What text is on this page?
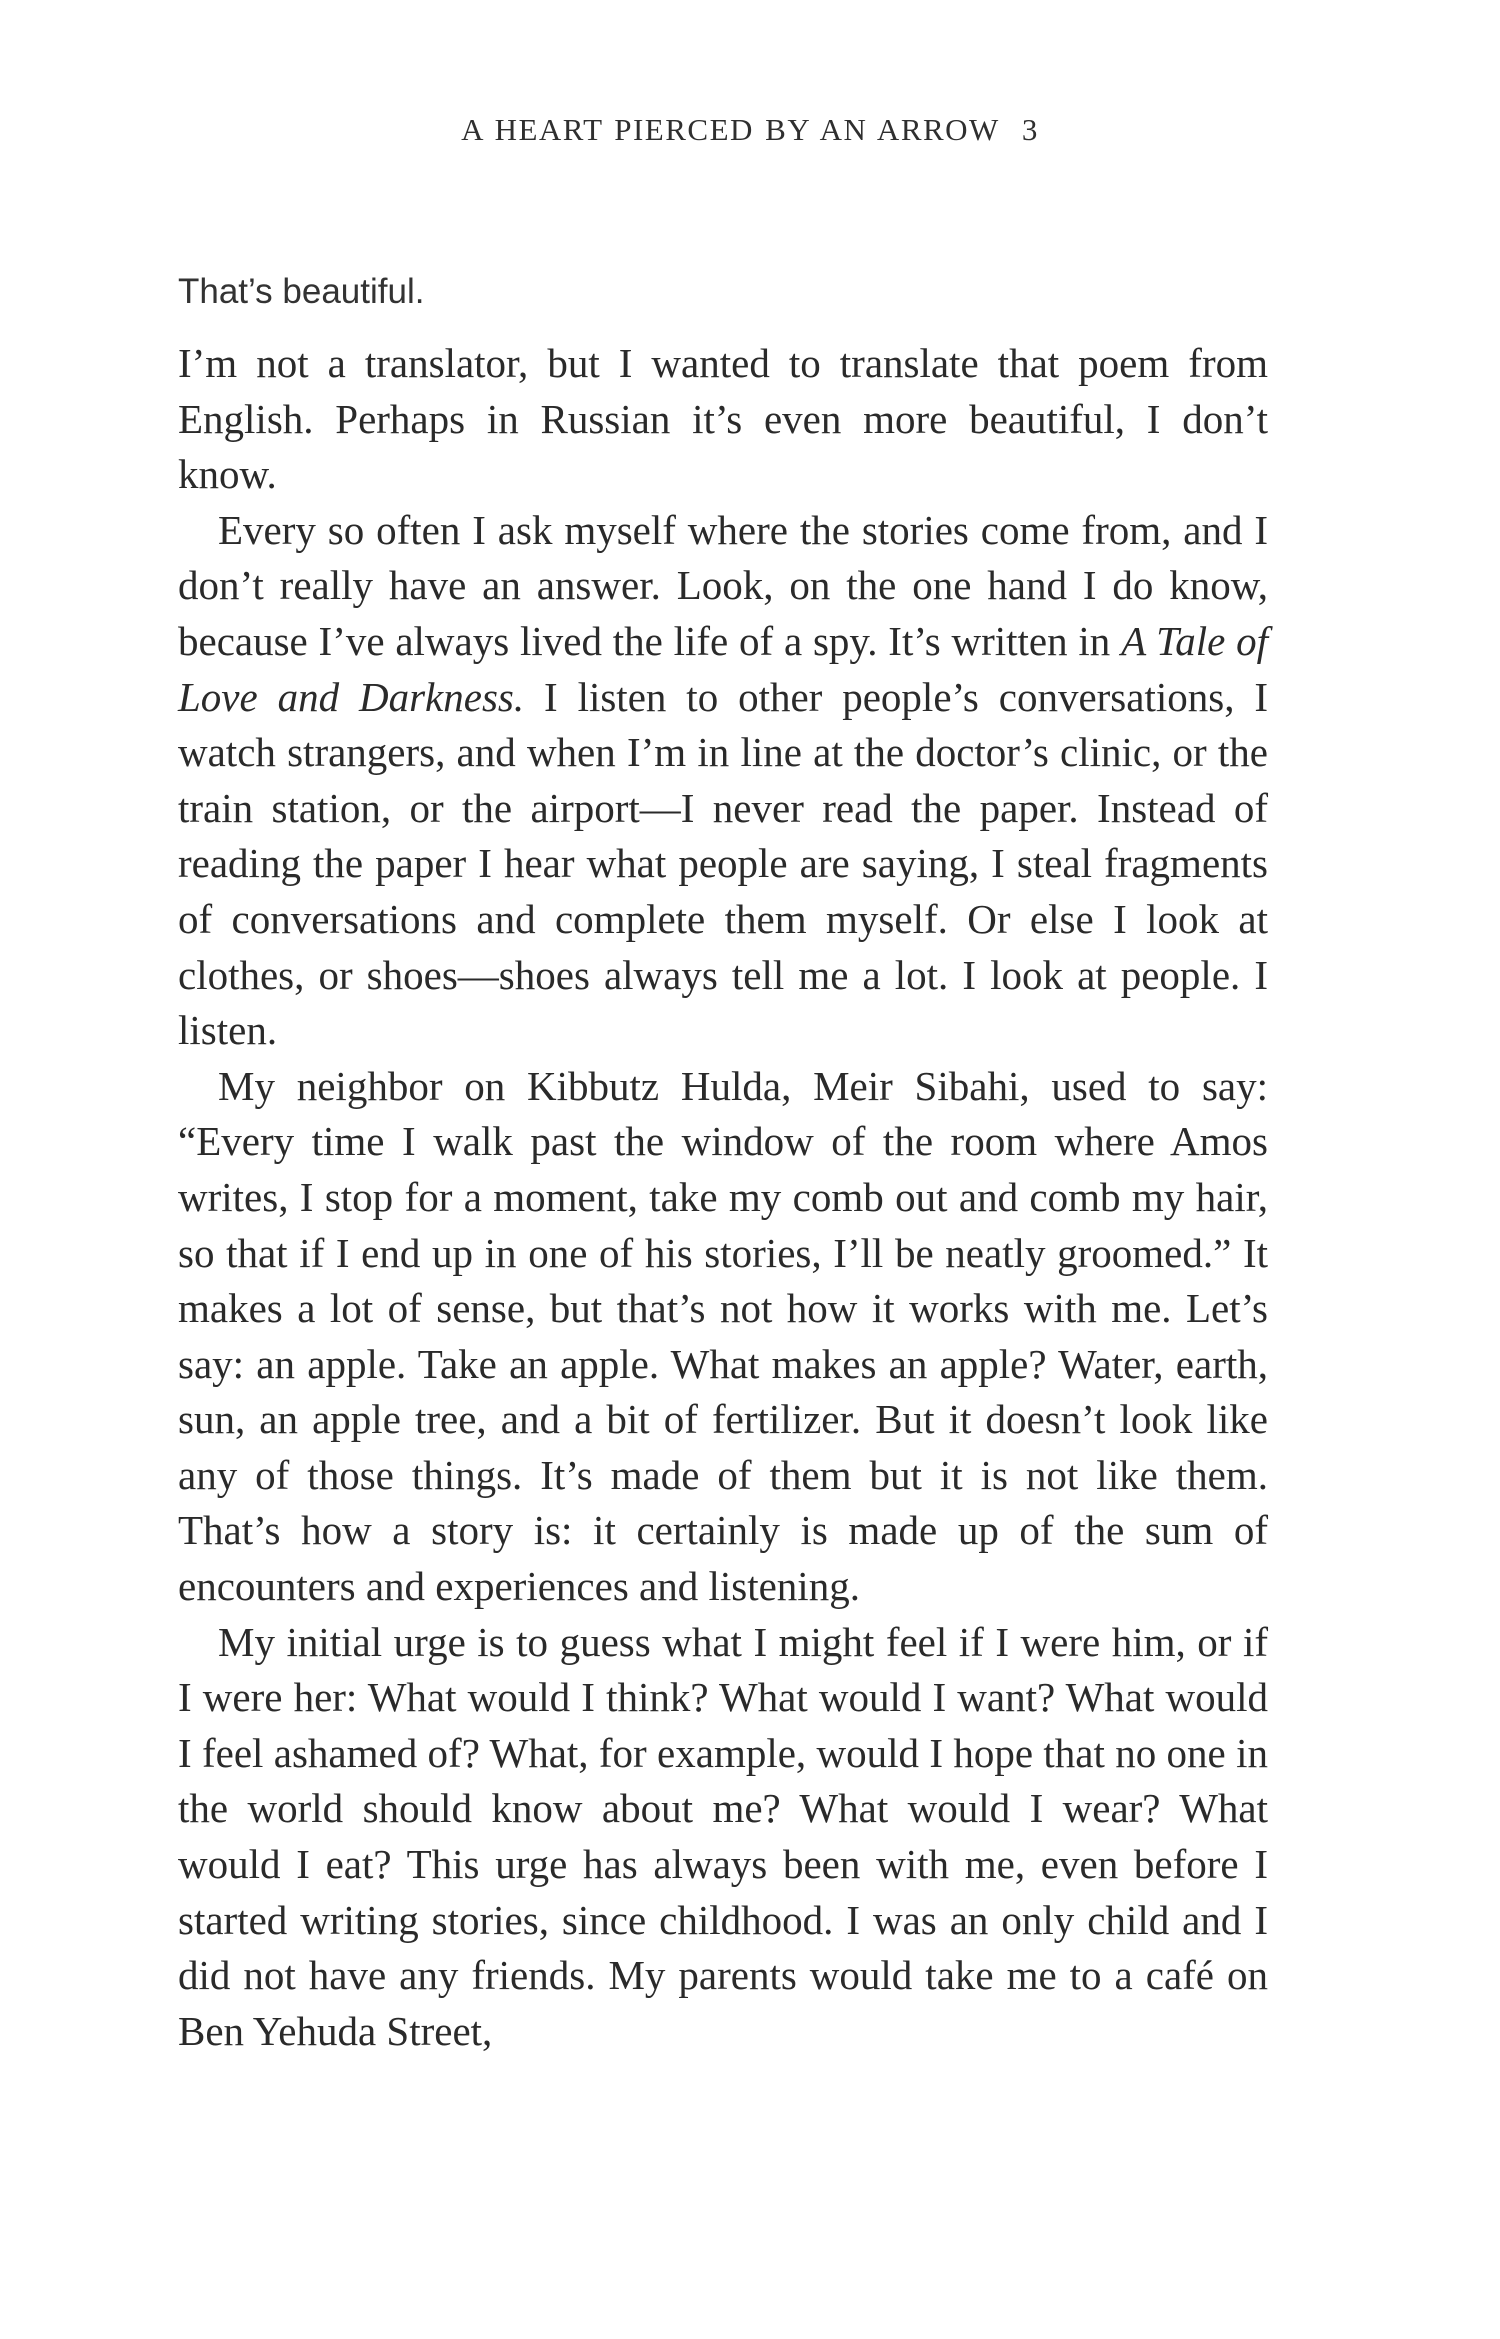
A HEART PIERCED BY AN ARROW 3

That’s beautiful.

I’m not a translator, but I wanted to translate that poem from English. Perhaps in Russian it’s even more beautiful, I don’t know.

Every so often I ask myself where the stories come from, and I don’t really have an answer. Look, on the one hand I do know, because I’ve always lived the life of a spy. It’s written in A Tale of Love and Darkness. I listen to other people’s conversations, I watch strangers, and when I’m in line at the doctor’s clinic, or the train station, or the airport—I never read the paper. Instead of reading the paper I hear what people are saying, I steal fragments of conversations and complete them myself. Or else I look at clothes, or shoes—shoes always tell me a lot. I look at people. I listen.

My neighbor on Kibbutz Hulda, Meir Sibahi, used to say: “Every time I walk past the window of the room where Amos writes, I stop for a moment, take my comb out and comb my hair, so that if I end up in one of his stories, I’ll be neatly groomed.” It makes a lot of sense, but that’s not how it works with me. Let’s say: an apple. Take an apple. What makes an apple? Water, earth, sun, an apple tree, and a bit of fertilizer. But it doesn’t look like any of those things. It’s made of them but it is not like them. That’s how a story is: it certainly is made up of the sum of encounters and experiences and listening.

My initial urge is to guess what I might feel if I were him, or if I were her: What would I think? What would I want? What would I feel ashamed of? What, for example, would I hope that no one in the world should know about me? What would I wear? What would I eat? This urge has always been with me, even before I started writing stories, since childhood. I was an only child and I did not have any friends. My parents would take me to a café on Ben Yehuda Street,
